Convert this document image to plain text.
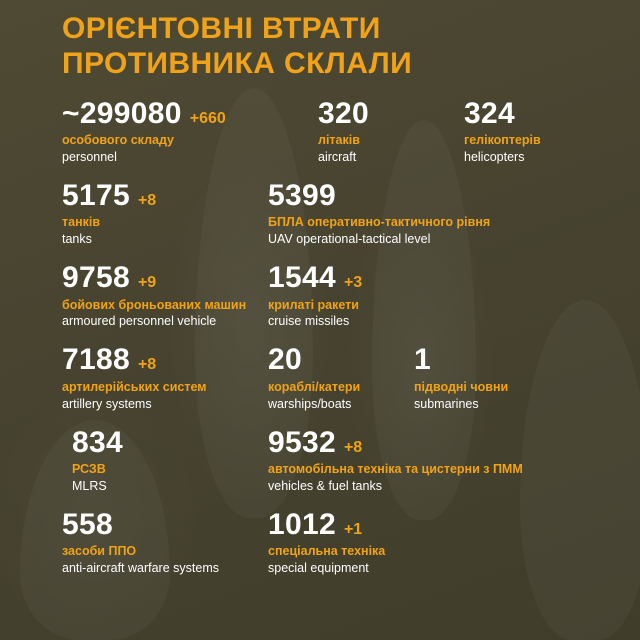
ОРІЄНТОВНІ ВТРАТИ
ПРОТИВНИКА СКЛАЛИ
~299080 +660
особового складу
personnel
320
літаків
aircraft
324
гелікоптерів
helicopters
5175 +8
танків
tanks
5399
БПЛА оперативно-тактичного рівня
UAV operational-tactical level
9758 +9
бойових броньованих машин
armoured personnel vehicle
1544 +3
крилаті ракети
cruise missiles
7188 +8
артилерійських систем
artillery systems
20
кораблі/катери
warships/boats
1
підводні човни
submarines
834
РСЗВ
MLRS
9532 +8
автомобільна техніка та цистерни з ПММ
vehicles & fuel tanks
558
засоби ППО
anti-aircraft warfare systems
1012 +1
спеціальна техніка
special equipment
